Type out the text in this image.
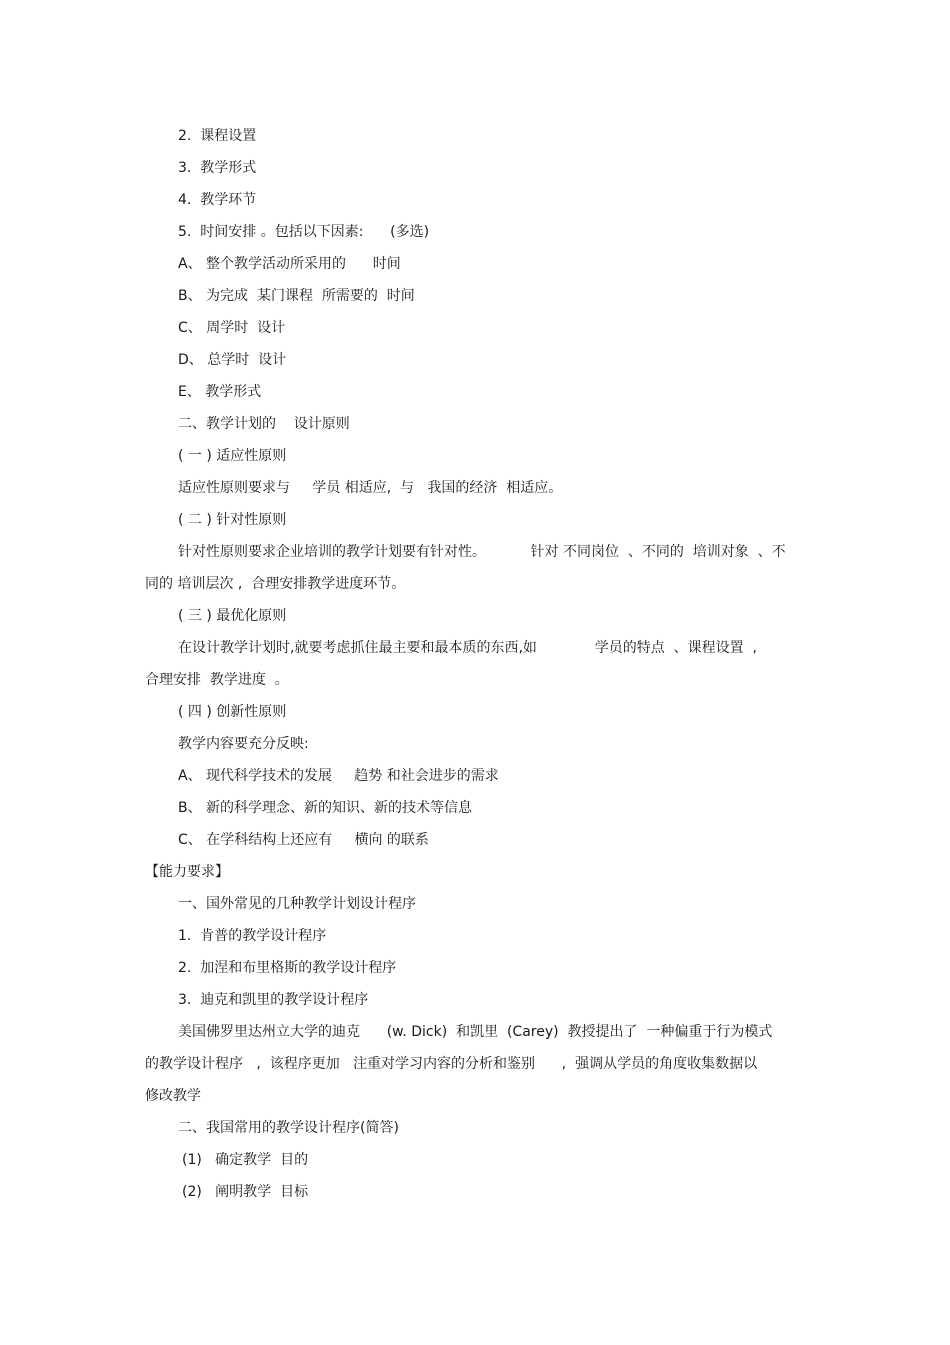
2.  课程设置

3.  教学形式

4.  教学环节

5.  时间安排 。包括以下因素:      (多选)

A、 整个教学活动所采用的      时间

B、 为完成  某门课程  所需要的  时间

C、 周学时  设计

D、 总学时  设计

E、 教学形式

二、教学计划的    设计原则

( 一 ) 适应性原则

适应性原则要求与     学员 相适应,  与   我国的经济  相适应。

( 二 ) 针对性原则

针对性原则要求企业培训的教学计划要有针对性。          针对 不同岗位  、不同的  培训对象  、不

同的 培训层次 ,  合理安排教学进度环节。

( 三 ) 最优化原则

在设计教学计划时,就要考虑抓住最主要和最本质的东西,如             学员的特点  、课程设置  ,

合理安排  教学进度  。

( 四 ) 创新性原则

教学内容要充分反映:

A、 现代科学技术的发展     趋势 和社会进步的需求

B、 新的科学理念、新的知识、新的技术等信息

C、 在学科结构上还应有     横向 的联系

【能力要求】

一、国外常见的几种教学计划设计程序

1.  肯普的教学设计程序

2.  加涅和布里格斯的教学设计程序

3.  迪克和凯里的教学设计程序

美国佛罗里达州立大学的迪克      (w. Dick)  和凯里  (Carey)  教授提出了  一种偏重于行为模式

的教学设计程序   ,  该程序更加   注重对学习内容的分析和鉴别      ,  强调从学员的角度收集数据以

修改教学

二、我国常用的教学设计程序(简答)

(1)   确定教学  目的

(2)   阐明教学  目标
